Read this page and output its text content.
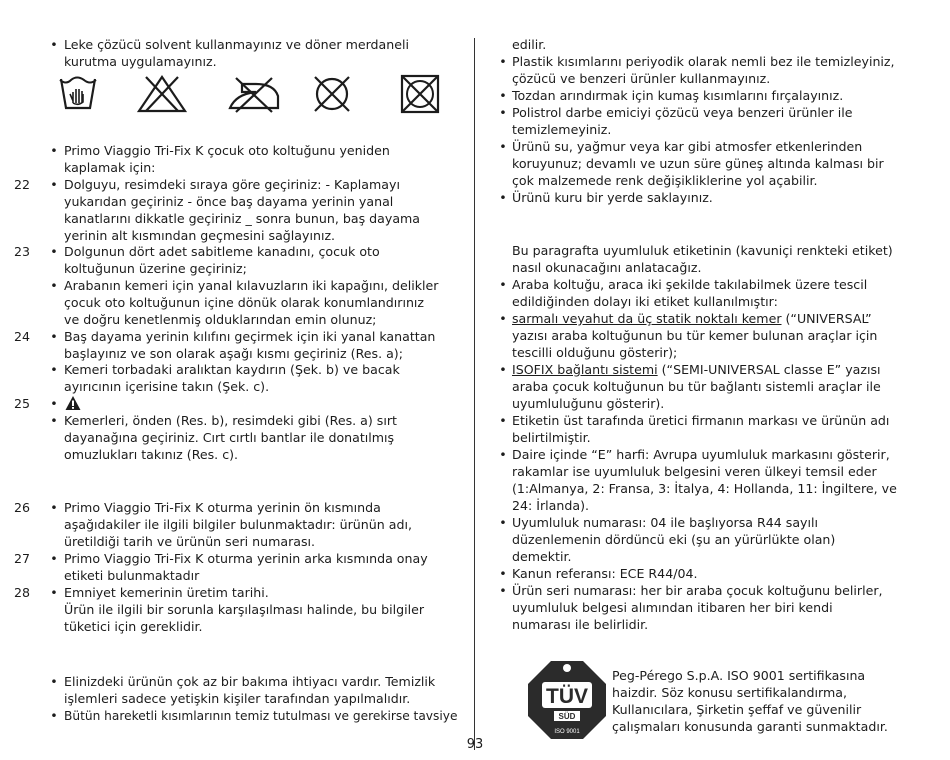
• Leke çözücü solvent kullanmayınız ve döner merdaneli
kurutma uygulamayınız.
• Primo Viaggio Tri-Fix K çocuk oto koltuğunu yeniden
kaplamak için:
22 • Dolguyu, resimdeki sıraya göre geçiriniz: - Kaplamayı
yukarıdan geçiriniz - önce baş dayama yerinin yanal
kanatlarını dikkatle geçiriniz _ sonra bunun, baş dayama
yerinin alt kısmından geçmesini sağlayınız.
23 • Dolgunun dört adet sabitleme kanadını, çocuk oto
koltuğunun üzerine geçiriniz;
• Arabanın kemeri için yanal kılavuzların iki kapağını, delikler
çocuk oto koltuğunun içine dönük olarak konumlandırınız
ve doğru kenetlenmiş olduklarından emin olunuz;
24 • Baş dayama yerinin kılıfını geçirmek için iki yanal kanattan
başlayınız ve son olarak aşağı kısmı geçiriniz (Res. a);
• Kemeri torbadaki aralıktan kaydırın (Şek. b) ve bacak
ayırıcının içerisine takın (Şek. c).
25 •
• Kemerleri, önden (Res. b), resimdeki gibi (Res. a) sırt
dayanağına geçiriniz. Cırt cırtlı bantlar ile donatılmış
omuzlukları takınız (Res. c).
26 • Primo Viaggio Tri-Fix K oturma yerinin ön kısmında
aşağıdakiler ile ilgili bilgiler bulunmaktadır: ürünün adı,
üretildiği tarih ve ürünün seri numarası.
27 • Primo Viaggio Tri-Fix K oturma yerinin arka kısmında onay
etiketi bulunmaktadır
28 • Emniyet kemerinin üretim tarihi.
Ürün ile ilgili bir sorunla karşılaşılması halinde, bu bilgiler
tüketici için gereklidir.
• Elinizdeki ürünün çok az bir bakıma ihtiyacı vardır. Temizlik
işlemleri sadece yetişkin kişiler tarafından yapılmalıdır.
• Bütün hareketli kısımlarının temiz tutulması ve gerekirse tavsiye
edilir.
• Plastik kısımlarını periyodik olarak nemli bez ile temizleyiniz,
çözücü ve benzeri ürünler kullanmayınız.
• Tozdan arındırmak için kumaş kısımlarını fırçalayınız.
• Polistrol darbe emiciyi çözücü veya benzeri ürünler ile
temizlemeyiniz.
• Ürünü su, yağmur veya kar gibi atmosfer etkenlerinden
koruyunuz; devamlı ve uzun süre güneş altında kalması bir
çok malzemede renk değişikliklerine yol açabilir.
• Ürünü kuru bir yerde saklayınız.
Bu paragrafta uyumluluk etiketinin (kavuniçi renkteki etiket)
nasıl okunacağını anlatacağız.
• Araba koltuğu, araca iki şekilde takılabilmek üzere tescil
edildiğinden dolayı iki etiket kullanılmıştır:
• sarmalı veyahut da üç statik noktalı kemer (“UNIVERSAL”
yazısı araba koltuğunun bu tür kemer bulunan araçlar için
tescilli olduğunu gösterir);
• ISOFIX bağlantı sistemi (“SEMI-UNIVERSAL classe E” yazısı
araba çocuk koltuğunun bu tür bağlantı sistemli araçlar ile
uyumluluğunu gösterir).
• Etiketin üst tarafında üretici firmanın markası ve ürünün adı
belirtilmiştir.
• Daire içinde “E” harfi: Avrupa uyumluluk markasını gösterir,
rakamlar ise uyumluluk belgesini veren ülkeyi temsil eder
(1:Almanya, 2: Fransa, 3: İtalya, 4: Hollanda, 11: İngiltere, ve
24: İrlanda).
• Uyumluluk numarası: 04 ile başlıyorsa R44 sayılı
düzenlemenin dördüncü eki (şu an yürürlükte olan)
demektir.
• Kanun referansı: ECE R44/04.
• Ürün seri numarası: her bir araba çocuk koltuğunu belirler,
uyumluluk belgesi alımından itibaren her biri kendi
numarası ile belirlidir.
Peg-Pérego S.p.A. ISO 9001 sertifikasına
haizdir. Söz konusu sertifikalandırma,
Kullanıcılara, Şirketin şeffaf ve güvenilir
çalışmaları konusunda garanti sunmaktadır.
TÜV
SÜD
ISO 9001
93
